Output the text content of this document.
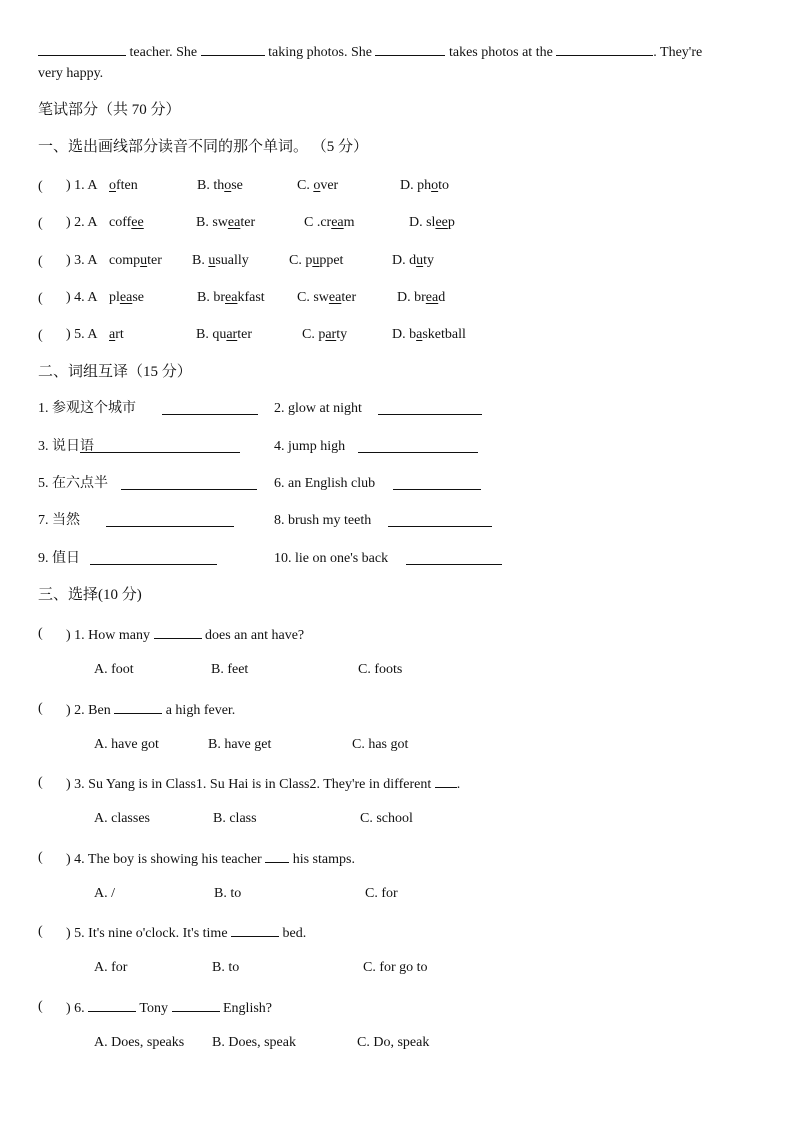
teacher. She	taking photos. She	takes photos at the	. They're
very happy.
笔试部分（共 70 分）
一、选出画线部分读音不同的那个单词。 （5 分）
( ) 1. A often	B. those	C. over	D. photo
( ) 2. A coffee	B. sweater	C .cream	D. sleep
( ) 3. A computer B. usually	C. puppet	D. duty
( ) 4. A please	B. breakfast C. sweater	D. bread
( ) 5. A art	B. quarter	C. party	D. basketball
二、词组互译（15 分）
1. 参观这个城市	2. glow at night
3. 说日语	4. jump high
5. 在六点半	6. an English club
7. 当然	8. brush my teeth
9. 值日	10. lie on one's back
三、选择(10 分)
( ) 1. How many	does an ant have?
A. foot	B. feet	C. foots
( ) 2. Ben	a high fever.
A. have got	B. have get	C. has got
( ) 3. Su Yang is in Class1. Su Hai is in Class2. They're in different .
A. classes	B. class	C. school
( ) 4. The boy is showing his teacher his stamps.
A. /	B. to	C. for
( ) 5. It's nine o'clock. It's time	bed.
A. for	B. to	C. for go to
( ) 6.	Tony	English?
A. Does, speaks B. Does, speak	C. Do, speak
